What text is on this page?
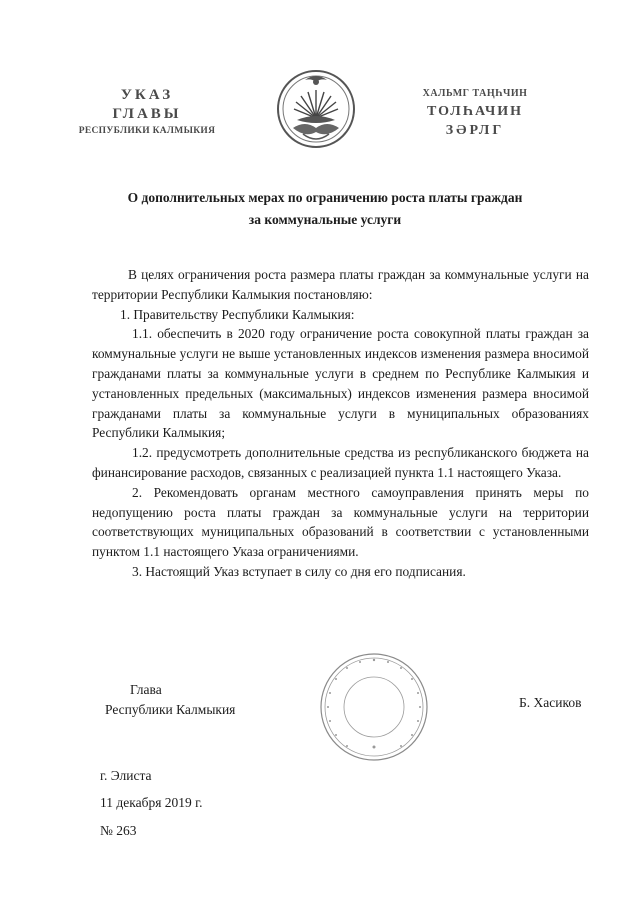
УКАЗ
ГЛАВЫ
РЕСПУБЛИКИ КАЛМЫКИЯ
ХАЛЬМГ ТАҢҺЧИН
ТОЛҺАЧИН
ЗӘРЛГ
О дополнительных мерах по ограничению роста платы граждан
за коммунальные услуги

В целях ограничения роста размера платы граждан за коммунальные услуги на территории Республики Калмыкия постановляю:

1. Правительству Республики Калмыкия:

1.1. обеспечить в 2020 году ограничение роста совокупной платы граждан за коммунальные услуги не выше установленных индексов изменения размера вносимой гражданами платы за коммунальные услуги в среднем по Республике Калмыкия и установленных предельных (максимальных) индексов изменения размера вносимой гражданами платы за коммунальные услуги в муниципальных образованиях Республики Калмыкия;

1.2. предусмотреть дополнительные средства из республиканского бюджета на финансирование расходов, связанных с реализацией пункта 1.1 настоящего Указа.

2. Рекомендовать органам местного самоуправления принять меры по недопущению роста платы граждан за коммунальные услуги на территории соответствующих муниципальных образований в соответствии с установленными пунктом 1.1 настоящего Указа ограничениями.

3. Настоящий Указ вступает в силу со дня его подписания.

Глава
Республики Калмыкия	Б. Хасиков
г. Элиста
11 декабря 2019 г.
№ 263
